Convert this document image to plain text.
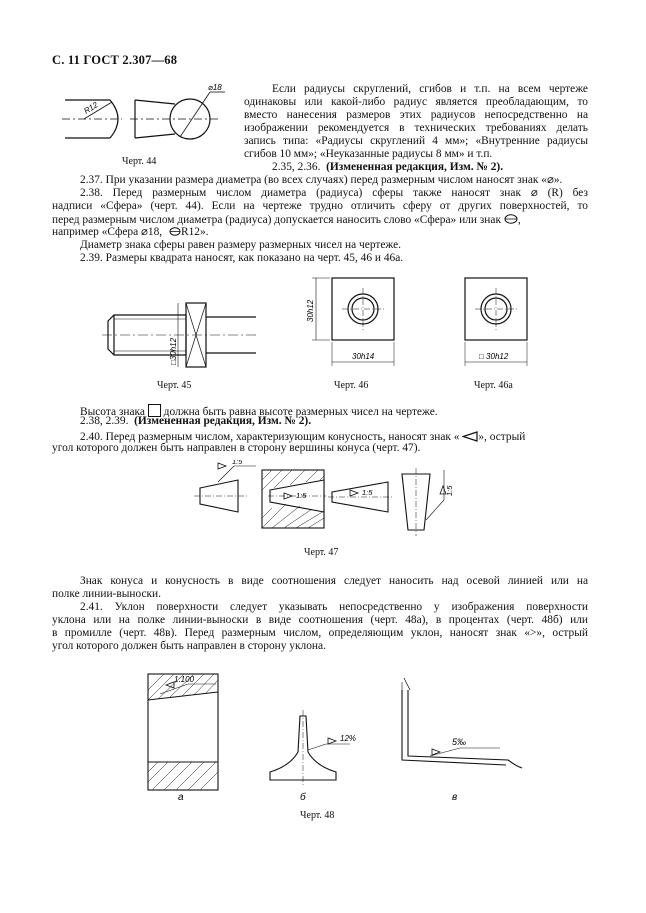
С. 11 ГОСТ 2.307—68
R12
⌀18
Черт. 44
Если радиусы скруглений, сгибов и т.п. на всем чертеже
одинаковы или какой-либо радиус является преобладающим, то
вместо нанесения размеров этих радиусов непосредственно на
изображении рекомендуется в технических требованиях делать
запись типа: «Радиусы скруглений 4 мм»; «Внутренние радиусы
сгибов 10 мм»; «Неуказанные радиусы 8 мм» и т.п.
2.35, 2.36. (Измененная редакция, Изм. № 2).
2.37. При указании размера диаметра (во всех случаях) перед размерным числом наносят знак «⌀».
2.38. Перед размерным числом диаметра (радиуса) сферы также наносят знак ⌀ (R) без
надписи «Сфера» (черт. 44). Если на чертеже трудно отличить сферу от других поверхностей, то
перед размерным числом диаметра (радиуса) допускается наносить слово «Сфера» или знак ,
например «Сфера ⌀18, R12».
Диаметр знака сферы равен размеру размерных чисел на чертеже.
2.39. Размеры квадрата наносят, как показано на черт. 45, 46 и 46а.
□30h12
Черт. 45
30h12
30h14
Черт. 46
□ 30h12
Черт. 46а
Высота знака должна быть равна высоте размерных чисел на чертеже.
2.38, 2.39. (Измененная редакция, Изм. № 2).
2.40. Перед размерным числом, характеризующим конусность, наносят знак « », острый
угол которого должен быть направлен в сторону вершины конуса (черт. 47).
1:5
1:5	1:5	1:5
Черт. 47
Знак конуса и конусность в виде соотношения следует наносить над осевой линией или на
полке линии-выноски.
2.41. Уклон поверхности следует указывать непосредственно у изображения поверхности
уклона или на полке линии-выноски в виде соотношения (черт. 48а), в процентах (черт. 48б) или
в промилле (черт. 48в). Перед размерным числом, определяющим уклон, наносят знак «>», острый
угол которого должен быть направлен в сторону уклона.
1:100
12%	5‰
а	б	в
Черт. 48
